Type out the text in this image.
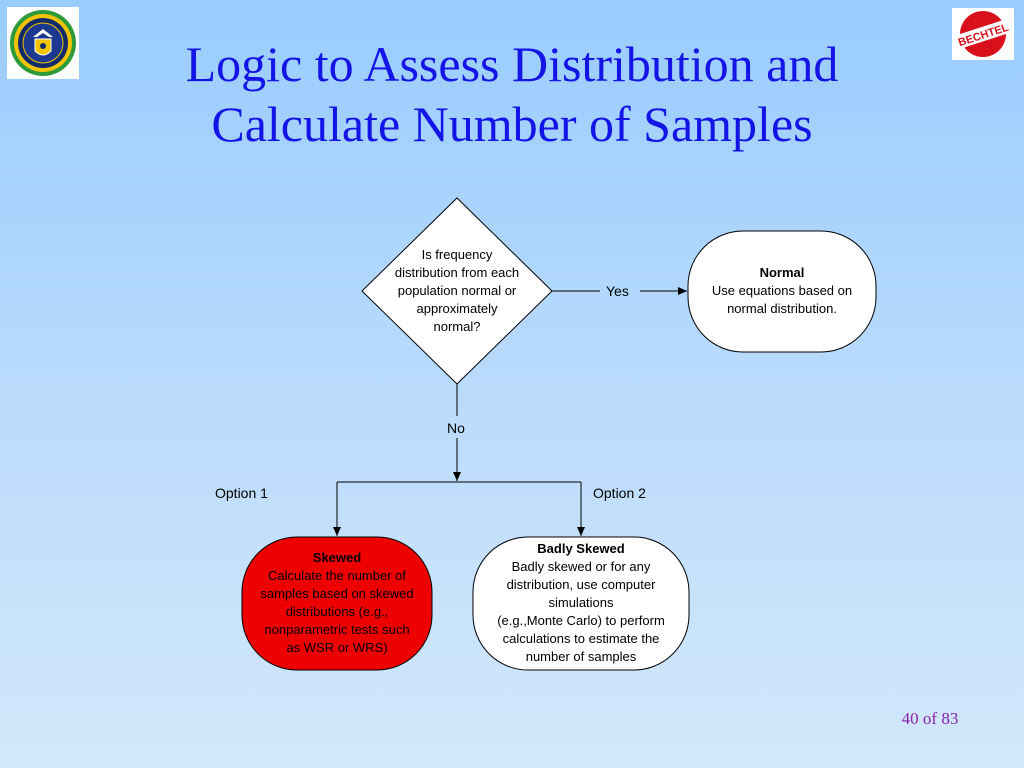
BECHTEL
Logic to Assess Distribution and Calculate Number of Samples
Is frequency
distribution from each
population normal or
approximately
normal?
Normal
Use equations based on
normal distribution.
Skewed
Calculate the number of
samples based on skewed
distributions (e.g.,
nonparametric tests such
as WSR or WRS)
Badly Skewed
Badly skewed or for any
distribution, use computer
simulations
(e.g.,Monte Carlo) to perform
calculations to estimate the
number of samples
Yes
No
Option 1	Option 2
40 of 83
